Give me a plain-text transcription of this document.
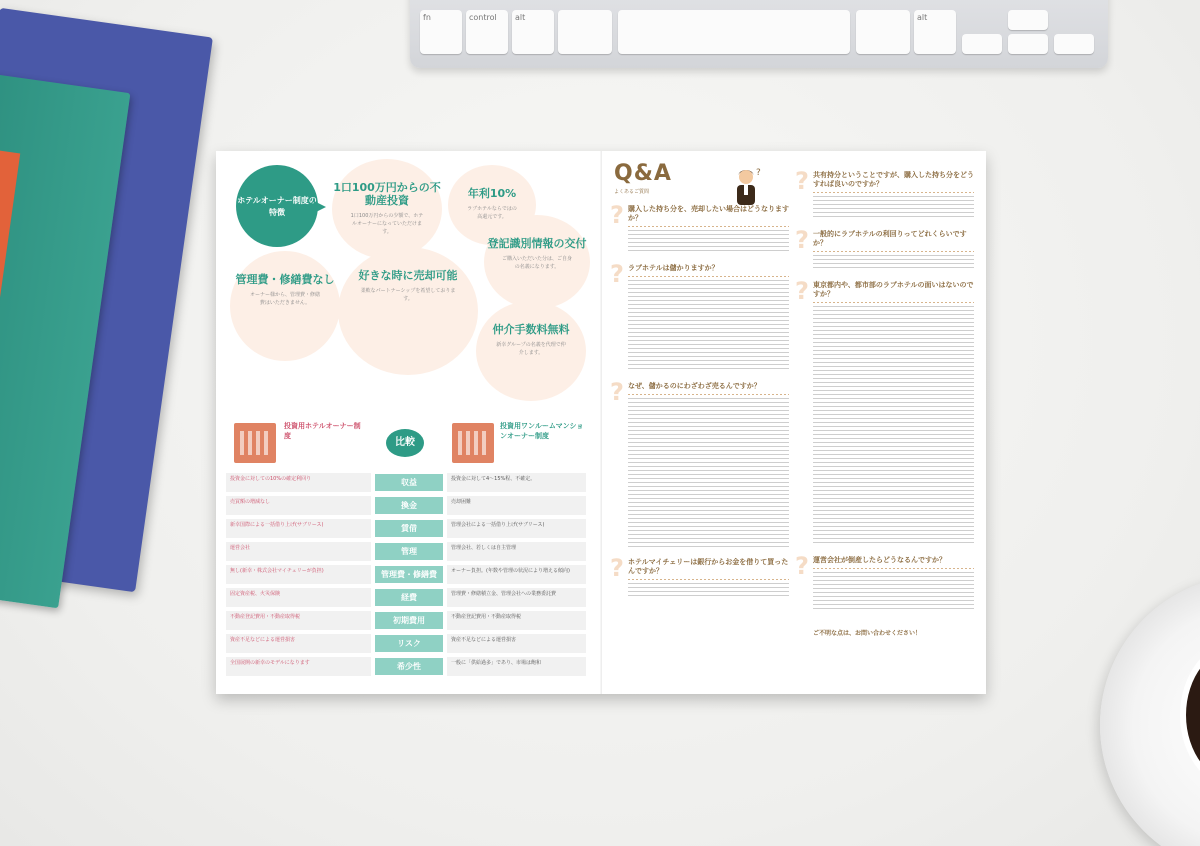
fn	control	alt	alt
ホテルオーナー制度の特徴
1口100万円からの不動産投資

1口100万円からの少額で、ホテルオーナーになっていただけます。

年利10%

ラブホテルならではの高還元です。

登記識別情報の交付

ご購入いただいた分は、ご自身の名義になります。

管理費・修繕費なし

オーナー様から、管理費・修繕費はいただきません。

好きな時に売却可能

柔軟なパートナーシップを希望しております。

仲介手数料無料

新幸グループの名義を代理で仲介します。

投資用ホテルオーナー制度
比較
投資用ワンルームマンションオーナー制度
投資金に対しての10%の確定利回り	収益	投資金に対して4〜15%程、不確定。
売買額の増減なし	換金	売却困難
新幸国際による一括借り上げ(サブリース)	賃借	管理会社による一括借り上げ(サブリース)
運営会社	管理	管理会社、若しくは自主管理
無し(新幸・株式会社マイチェリーが負担)	管理費・修繕費	オーナー負担。(年数や管理の状況により増える傾向)
固定資産税、火災保険	経費	管理費・修繕積立金、管理会社への業務委託費
不動産登記費用・不動産取得税	初期費用	不動産登記費用・不動産取得税
資産不足などによる運営損害	リスク	資産不足などによる運営損害
全国展開の新幸のモデルになります	希少性	一般に「供給過多」であり、市場は飽和
Q&A
よくあるご質問
?
? 購入した持ち分を、売却したい場合はどうなりますか？
? ラブホテルは儲かりますか？
? なぜ、儲かるのにわざわざ売るんですか？
? ホテルマイチェリーは銀行からお金を借りて買ったんですか？
? 共有持分ということですが、購入した持ち分をどうすれば良いのですか？
? 一般的にラブホテルの利回りってどれくらいですか？
? 東京都内や、都市部のラブホテルの面いはないのですか？
? 運営会社が倒産したらどうなるんですか？
ご不明な点は、お問い合わせください！
